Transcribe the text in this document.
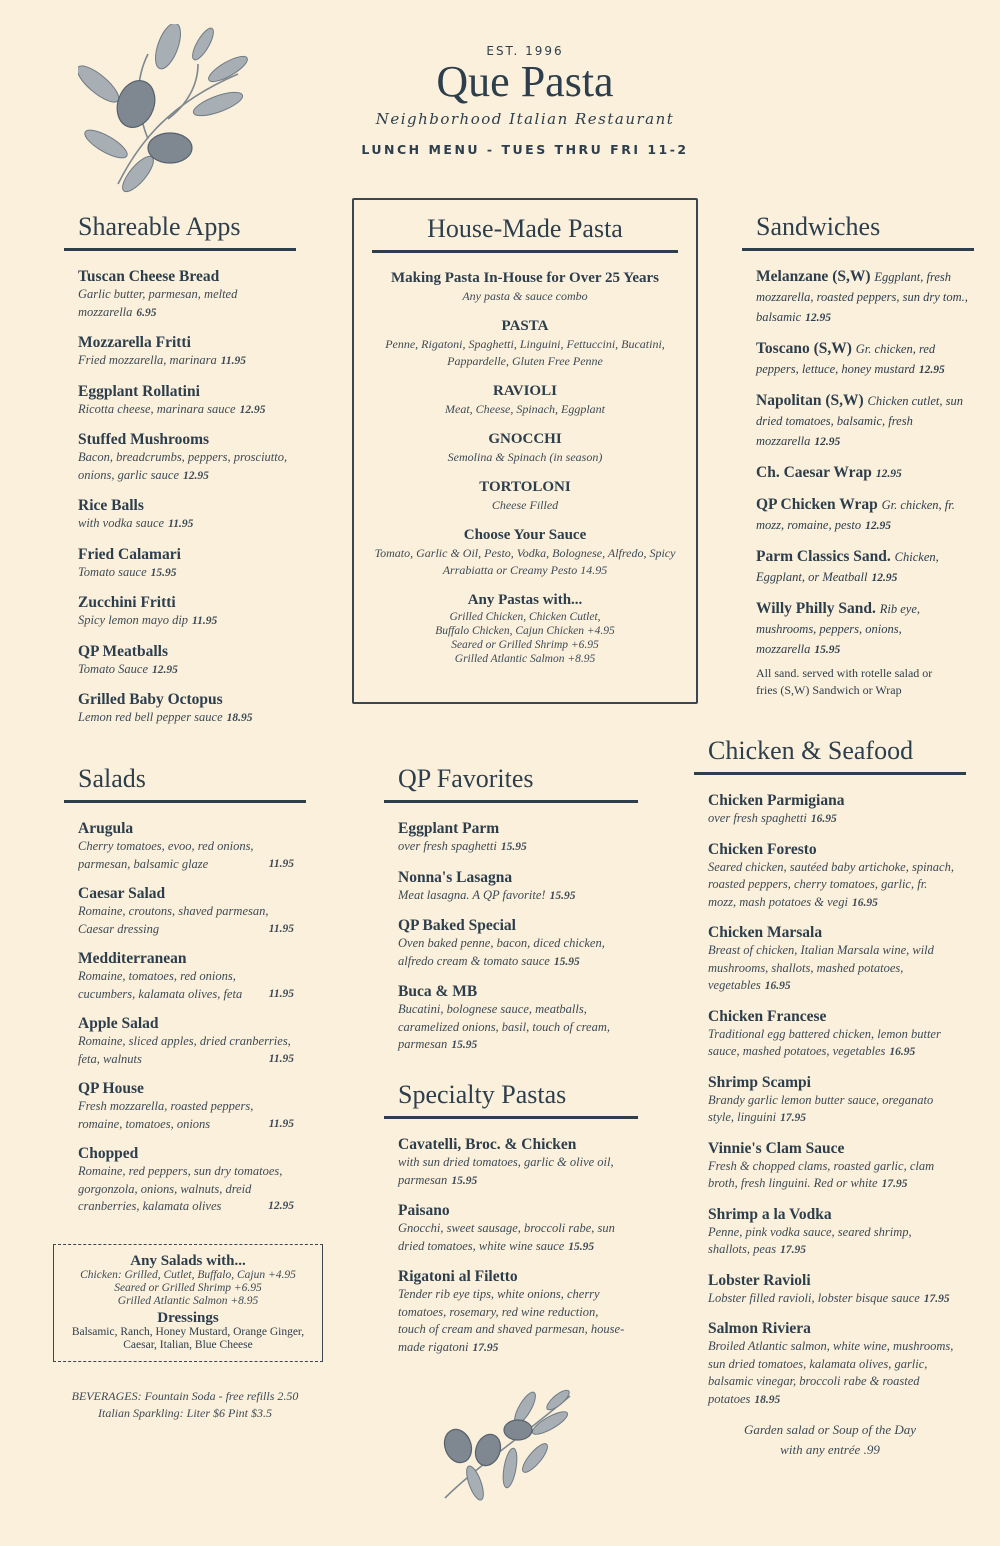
EST. 1996
Que Pasta
Neighborhood Italian Restaurant
LUNCH MENU - TUES THRU FRI 11-2
Shareable Apps
Tuscan Cheese Bread
Garlic butter, parmesan, melted mozzarella 6.95
Mozzarella Fritti
Fried mozzarella, marinara 11.95
Eggplant Rollatini
Ricotta cheese, marinara sauce 12.95
Stuffed Mushrooms
Bacon, breadcrumbs, peppers, prosciutto, onions, garlic sauce 12.95
Rice Balls
with vodka sauce 11.95
Fried Calamari
Tomato sauce 15.95
Zucchini Fritti
Spicy lemon mayo dip 11.95
QP Meatballs
Tomato Sauce 12.95
Grilled Baby Octopus
Lemon red bell pepper sauce 18.95
House-Made Pasta
Making Pasta In-House for Over 25 Years
Any pasta & sauce combo
PASTA
Penne, Rigatoni, Spaghetti, Linguini, Fettuccini, Bucatini, Pappardelle, Gluten Free Penne
RAVIOLI
Meat, Cheese, Spinach, Eggplant
GNOCCHI
Semolina & Spinach (in season)
TORTOLONI
Cheese Filled
Choose Your Sauce
Tomato, Garlic & Oil, Pesto, Vodka, Bolognese, Alfredo, Spicy Arrabiatta or Creamy Pesto 14.95
Any Pastas with...
Grilled Chicken, Chicken Cutlet,
Buffalo Chicken, Cajun Chicken +4.95
Seared or Grilled Shrimp +6.95
Grilled Atlantic Salmon +8.95
Sandwiches
Melanzane (S,W) Eggplant, fresh mozzarella, roasted peppers, sun dry tom., balsamic 12.95
Toscano (S,W) Gr. chicken, red peppers, lettuce, honey mustard 12.95
Napolitan (S,W) Chicken cutlet, sun dried tomatoes, balsamic, fresh mozzarella 12.95
Ch. Caesar Wrap 12.95
QP Chicken Wrap Gr. chicken, fr. mozz, romaine, pesto 12.95
Parm Classics Sand. Chicken, Eggplant, or Meatball 12.95
Willy Philly Sand. Rib eye, mushrooms, peppers, onions, mozzarella 15.95
All sand. served with rotelle salad or fries (S,W) Sandwich or Wrap
Salads
Arugula
Cherry tomatoes, evoo, red onions, parmesan, balsamic glaze	11.95
Caesar Salad
Romaine, croutons, shaved parmesan, Caesar dressing	11.95
Medditerranean
Romaine, tomatoes, red onions, cucumbers, kalamata olives, feta 11.95
Apple Salad
Romaine, sliced apples, dried cranberries, feta, walnuts	11.95
QP House
Fresh mozzarella, roasted peppers, romaine, tomatoes, onions	11.95
Chopped
Romaine, red peppers, sun dry tomatoes, gorgonzola, onions, walnuts, dreid cranberries, kalamata olives	12.95
Any Salads with...
Chicken: Grilled, Cutlet, Buffalo, Cajun +4.95
Seared or Grilled Shrimp +6.95
Grilled Atlantic Salmon +8.95
Dressings
Balsamic, Ranch, Honey Mustard, Orange Ginger,
Caesar, Italian, Blue Cheese
BEVERAGES: Fountain Soda - free refills 2.50
Italian Sparkling: Liter $6 Pint $3.5
QP Favorites
Eggplant Parm
over fresh spaghetti 15.95
Nonna's Lasagna
Meat lasagna. A QP favorite! 15.95
QP Baked Special
Oven baked penne, bacon, diced chicken, alfredo cream & tomato sauce 15.95
Buca & MB
Bucatini, bolognese sauce, meatballs, caramelized onions, basil, touch of cream, parmesan 15.95
Specialty Pastas
Cavatelli, Broc. & Chicken
with sun dried tomatoes, garlic & olive oil, parmesan 15.95
Paisano
Gnocchi, sweet sausage, broccoli rabe, sun dried tomatoes, white wine sauce 15.95
Rigatoni al Filetto
Tender rib eye tips, white onions, cherry tomatoes, rosemary, red wine reduction, touch of cream and shaved parmesan, house-made rigatoni 17.95
Chicken & Seafood
Chicken Parmigiana
over fresh spaghetti 16.95
Chicken Foresto
Seared chicken, sautéed baby artichoke, spinach, roasted peppers, cherry tomatoes, garlic, fr. mozz, mash potatoes & vegi 16.95
Chicken Marsala
Breast of chicken, Italian Marsala wine, wild mushrooms, shallots, mashed potatoes, vegetables 16.95
Chicken Francese
Traditional egg battered chicken, lemon butter sauce, mashed potatoes, vegetables 16.95
Shrimp Scampi
Brandy garlic lemon butter sauce, oreganato style, linguini 17.95
Vinnie's Clam Sauce
Fresh & chopped clams, roasted garlic, clam broth, fresh linguini. Red or white 17.95
Shrimp a la Vodka
Penne, pink vodka sauce, seared shrimp, shallots, peas 17.95
Lobster Ravioli
Lobster filled ravioli, lobster bisque sauce 17.95
Salmon Riviera
Broiled Atlantic salmon, white wine, mushrooms, sun dried tomatoes, kalamata olives, garlic, balsamic vinegar, broccoli rabe & roasted potatoes 18.95
Garden salad or Soup of the Day
with any entrée .99
